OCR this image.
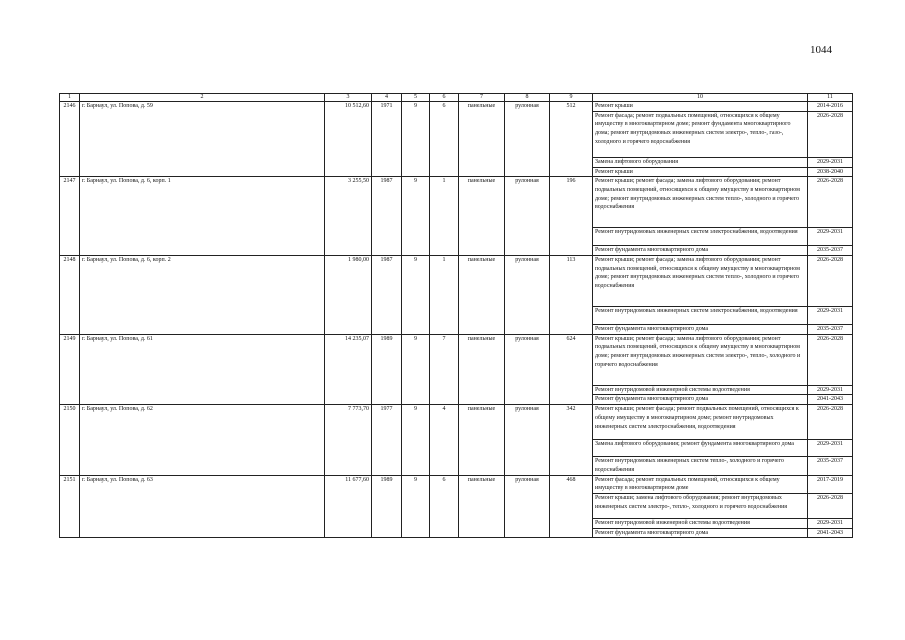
1044
1	2	3	4	5	6	7	8	9	10	11
2146	г. Барнаул, ул. Попова, д. 59	10 512,60	1971	9	6	панельные	рулонная	512	Ремонт крыши	2014-2016
									Ремонт фасада; ремонт подвальных помещений, относящихся к общему имуществу в многоквартирном доме; ремонт фундамента многоквартирного дома; ремонт внутридомовых инженерных систем электро-, тепло-, газо-, холодного и горячего водоснабжения	2026-2028
									Замена лифтового оборудования	2029-2031
									Ремонт крыши	2038-2040
2147	г. Барнаул, ул. Попова, д. 6, корп. 1	3 255,50	1987	9	1	панельные	рулонная	196	Ремонт крыши; ремонт фасада; замена лифтового оборудования; ремонт подвальных помещений, относящихся к общему имуществу в многоквартирном доме; ремонт внутридомовых инженерных систем тепло-, холодного и горячего водоснабжения	2026-2028
									Ремонт внутридомовых инженерных систем электроснабжения, водоотведения	2029-2031
									Ремонт фундамента многоквартирного дома	2035-2037
2148	г. Барнаул, ул. Попова, д. 6, корп. 2	1 980,00	1987	9	1	панельные	рулонная	113	Ремонт крыши; ремонт фасада; замена лифтового оборудования; ремонт подвальных помещений, относящихся к общему имуществу в многоквартирном доме; ремонт внутридомовых инженерных систем тепло-, холодного и горячего водоснабжения	2026-2028
									Ремонт внутридомовых инженерных систем электроснабжения, водоотведения	2029-2031
									Ремонт фундамента многоквартирного дома	2035-2037
2149	г. Барнаул, ул. Попова, д. 61	14 235,07	1989	9	7	панельные	рулонная	624	Ремонт крыши; ремонт фасада; замена лифтового оборудования; ремонт подвальных помещений, относящихся к общему имуществу в многоквартирном доме; ремонт внутридомовых инженерных систем электро-, тепло-, холодного и горячего водоснабжения	2026-2028
									Ремонт внутридомовой инженерной системы водоотведения	2029-2031
									Ремонт фундамента многоквартирного дома	2041-2043
2150	г. Барнаул, ул. Попова, д. 62	7 773,70	1977	9	4	панельные	рулонная	342	Ремонт крыши; ремонт фасада; ремонт подвальных помещений, относящихся к общему имуществу в многоквартирном доме; ремонт внутридомовых инженерных систем электроснабжения, водоотведения	2026-2028
									Замена лифтового оборудования; ремонт фундамента многоквартирного дома	2029-2031
									Ремонт внутридомовых инженерных систем тепло-, холодного и горячего водоснабжения	2035-2037
2151	г. Барнаул, ул. Попова, д. 63	11 677,60	1989	9	6	панельные	рулонная	468	Ремонт фасада; ремонт подвальных помещений, относящихся к общему имуществу в многоквартирном доме	2017-2019
									Ремонт крыши; замена лифтового оборудования; ремонт внутридомовых инженерных систем электро-, тепло-, холодного и горячего водоснабжения	2026-2028
									Ремонт внутридомовой инженерной системы водоотведения	2029-2031
									Ремонт фундамента многоквартирного дома	2041-2043
